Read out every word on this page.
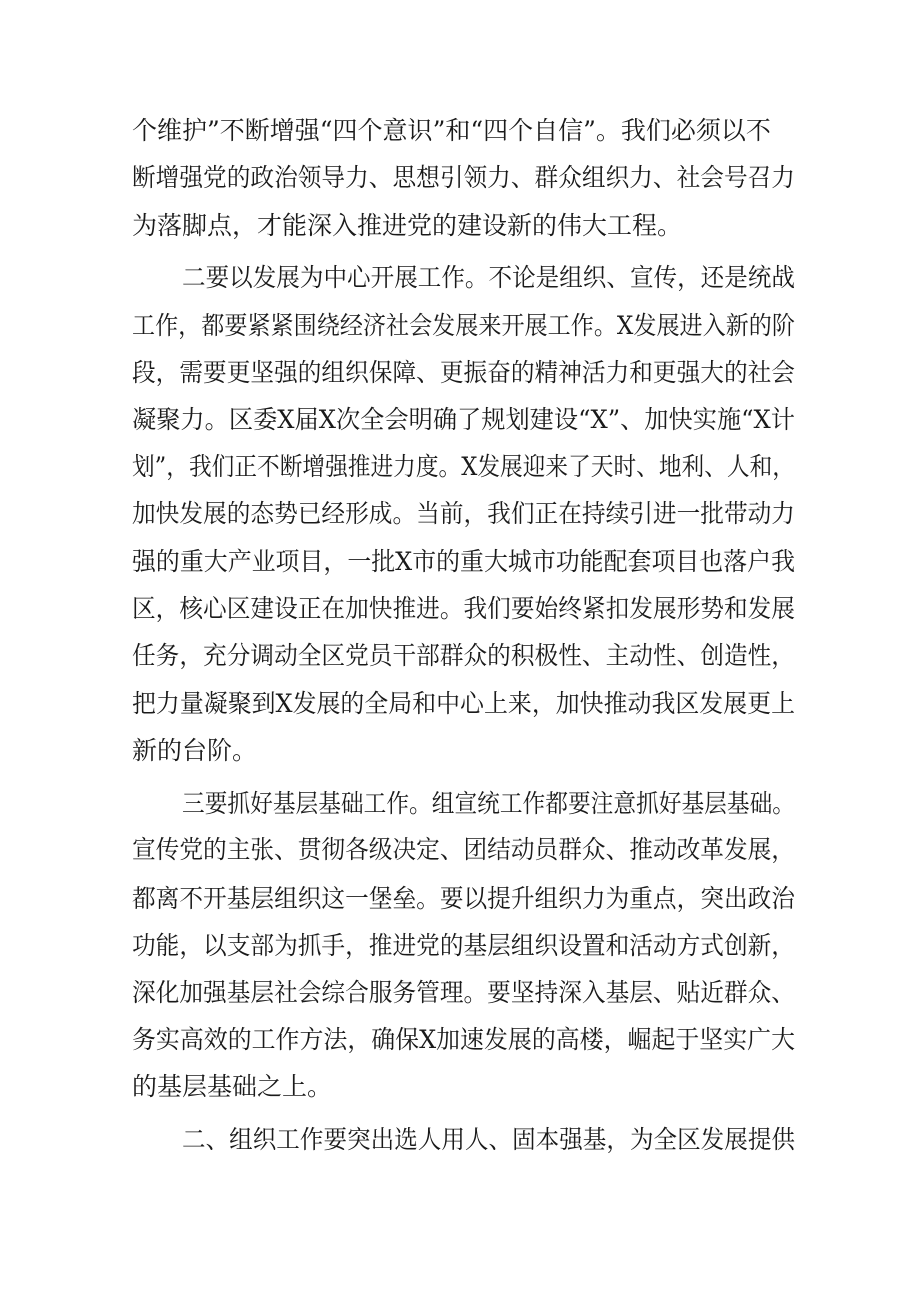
个维护”不断增强“四个意识”和“四个自信”。我们必须以不
断增强党的政治领导力、思想引领力、群众组织力、社会号召力
为落脚点，才能深入推进党的建设新的伟大工程。
二要以发展为中心开展工作。不论是组织、宣传，还是统战
工作，都要紧紧围绕经济社会发展来开展工作。X发展进入新的阶
段，需要更坚强的组织保障、更振奋的精神活力和更强大的社会
凝聚力。区委X届X次全会明确了规划建设“X”、加快实施“X计
划”，我们正不断增强推进力度。X发展迎来了天时、地利、人和，
加快发展的态势已经形成。当前，我们正在持续引进一批带动力
强的重大产业项目，一批X市的重大城市功能配套项目也落户我
区，核心区建设正在加快推进。我们要始终紧扣发展形势和发展
任务，充分调动全区党员干部群众的积极性、主动性、创造性，
把力量凝聚到X发展的全局和中心上来，加快推动我区发展更上
新的台阶。
三要抓好基层基础工作。组宣统工作都要注意抓好基层基础。
宣传党的主张、贯彻各级决定、团结动员群众、推动改革发展，
都离不开基层组织这一堡垒。要以提升组织力为重点，突出政治
功能，以支部为抓手，推进党的基层组织设置和活动方式创新，
深化加强基层社会综合服务管理。要坚持深入基层、贴近群众、
务实高效的工作方法，确保X加速发展的高楼，崛起于坚实广大
的基层基础之上。
二、组织工作要突出选人用人、固本强基，为全区发展提供
